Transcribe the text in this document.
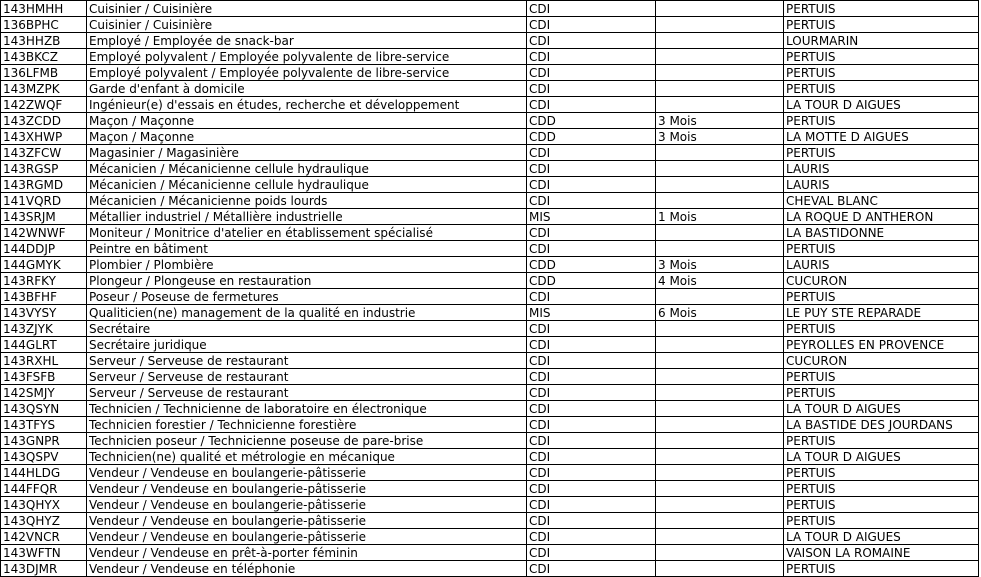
143HMHH	Cuisinier / Cuisinière	CDI		PERTUIS
136BPHC	Cuisinier / Cuisinière	CDI		PERTUIS
143HHZB	Employé / Employée de snack-bar	CDI		LOURMARIN
143BKCZ	Employé polyvalent / Employée polyvalente de libre-service	CDI		PERTUIS
136LFMB	Employé polyvalent / Employée polyvalente de libre-service	CDI		PERTUIS
143MZPK	Garde d'enfant à domicile	CDI		PERTUIS
142ZWQF	Ingénieur(e) d'essais en études, recherche et développement	CDI		LA TOUR D AIGUES
143ZCDD	Maçon / Maçonne	CDD	3 Mois	PERTUIS
143XHWP	Maçon / Maçonne	CDD	3 Mois	LA MOTTE D AIGUES
143ZFCW	Magasinier / Magasinière	CDI		PERTUIS
143RGSP	Mécanicien / Mécanicienne cellule hydraulique	CDI		LAURIS
143RGMD	Mécanicien / Mécanicienne cellule hydraulique	CDI		LAURIS
141VQRD	Mécanicien / Mécanicienne poids lourds	CDI		CHEVAL BLANC
143SRJM	Métallier industriel / Métallière industrielle	MIS	1 Mois	LA ROQUE D ANTHERON
142WNWF	Moniteur / Monitrice d'atelier en établissement spécialisé	CDI		LA BASTIDONNE
144DDJP	Peintre en bâtiment	CDI		PERTUIS
144GMYK	Plombier / Plombière	CDD	3 Mois	LAURIS
143RFKY	Plongeur / Plongeuse en restauration	CDD	4 Mois	CUCURON
143BFHF	Poseur / Poseuse de fermetures	CDI		PERTUIS
143VYSY	Qualiticien(ne) management de la qualité en industrie	MIS	6 Mois	LE PUY STE REPARADE
143ZJYK	Secrétaire	CDI		PERTUIS
144GLRT	Secrétaire juridique	CDI		PEYROLLES EN PROVENCE
143RXHL	Serveur / Serveuse de restaurant	CDI		CUCURON
143FSFB	Serveur / Serveuse de restaurant	CDI		PERTUIS
142SMJY	Serveur / Serveuse de restaurant	CDI		PERTUIS
143QSYN	Technicien / Technicienne de laboratoire en électronique	CDI		LA TOUR D AIGUES
143TFYS	Technicien forestier / Technicienne forestière	CDI		LA BASTIDE DES JOURDANS
143GNPR	Technicien poseur / Technicienne poseuse de pare-brise	CDI		PERTUIS
143QSPV	Technicien(ne) qualité et métrologie en mécanique	CDI		LA TOUR D AIGUES
144HLDG	Vendeur / Vendeuse en boulangerie-pâtisserie	CDI		PERTUIS
144FFQR	Vendeur / Vendeuse en boulangerie-pâtisserie	CDI		PERTUIS
143QHYX	Vendeur / Vendeuse en boulangerie-pâtisserie	CDI		PERTUIS
143QHYZ	Vendeur / Vendeuse en boulangerie-pâtisserie	CDI		PERTUIS
142VNCR	Vendeur / Vendeuse en boulangerie-pâtisserie	CDI		LA TOUR D AIGUES
143WFTN	Vendeur / Vendeuse en prêt-à-porter féminin	CDI		VAISON LA ROMAINE
143DJMR	Vendeur / Vendeuse en téléphonie	CDI		PERTUIS
